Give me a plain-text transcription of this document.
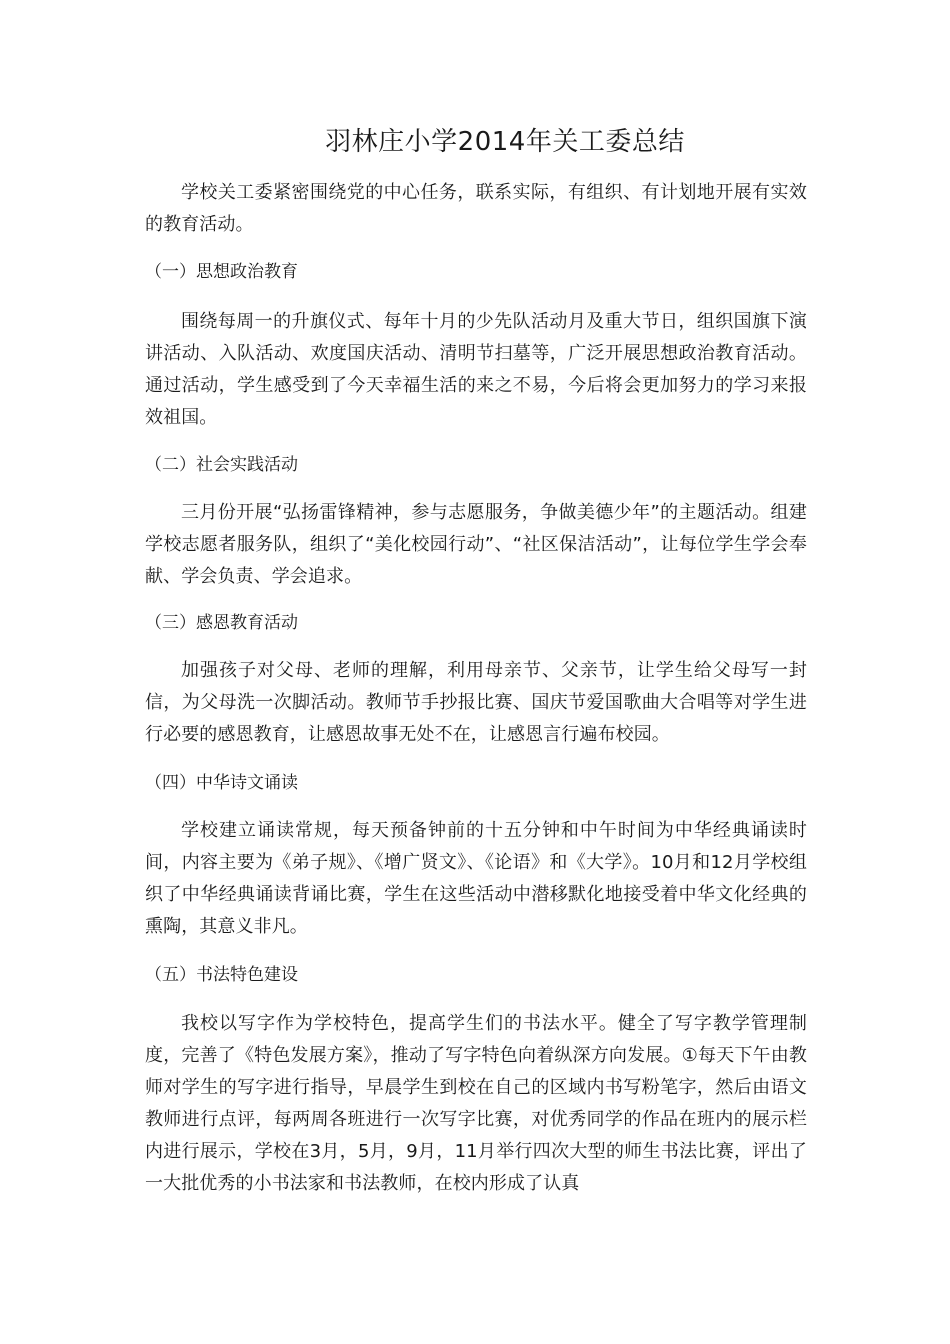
羽林庄小学2014年关工委总结
学校关工委紧密围绕党的中心任务，联系实际，有组织、有计划地开展有实效的教育活动。
（一）思想政治教育
围绕每周一的升旗仪式、每年十月的少先队活动月及重大节日，组织国旗下演讲活动、入队活动、欢度国庆活动、清明节扫墓等，广泛开展思想政治教育活动。通过活动，学生感受到了今天幸福生活的来之不易，今后将会更加努力的学习来报效祖国。
（二）社会实践活动
三月份开展“弘扬雷锋精神，参与志愿服务，争做美德少年”的主题活动。组建学校志愿者服务队，组织了“美化校园行动”、“社区保洁活动”，让每位学生学会奉献、学会负责、学会追求。
（三）感恩教育活动
加强孩子对父母、老师的理解，利用母亲节、父亲节，让学生给父母写一封信，为父母洗一次脚活动。教师节手抄报比赛、国庆节爱国歌曲大合唱等对学生进行必要的感恩教育，让感恩故事无处不在，让感恩言行遍布校园。
（四）中华诗文诵读
学校建立诵读常规，每天预备钟前的十五分钟和中午时间为中华经典诵读时间，内容主要为《弟子规》、《增广贤文》、《论语》和《大学》。10月和12月学校组织了中华经典诵读背诵比赛，学生在这些活动中潜移默化地接受着中华文化经典的熏陶，其意义非凡。
（五）书法特色建设
我校以写字作为学校特色，提高学生们的书法水平。健全了写字教学管理制度，完善了《特色发展方案》，推动了写字特色向着纵深方向发展。①每天下午由教师对学生的写字进行指导，早晨学生到校在自己的区域内书写粉笔字，然后由语文教师进行点评，每两周各班进行一次写字比赛，对优秀同学的作品在班内的展示栏内进行展示，学校在3月，5月，9月，11月举行四次大型的师生书法比赛，评出了一大批优秀的小书法家和书法教师，在校内形成了认真
